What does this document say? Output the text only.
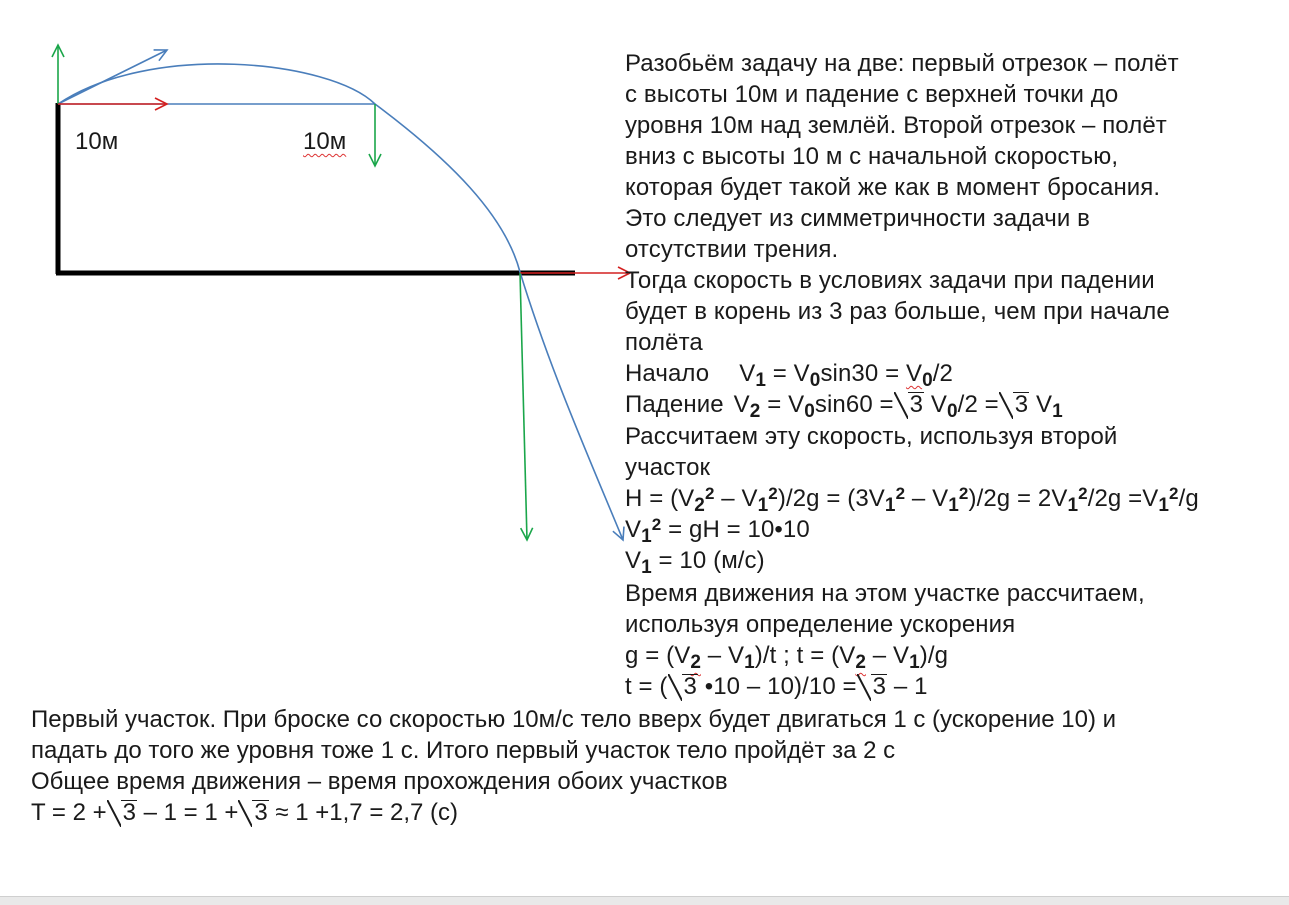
10м	10м
Разобьём задачу на две: первый отрезок – полёт
с высоты 10м и падение с верхней точки до
уровня 10м над землёй. Второй отрезок – полёт
вниз с высоты 10 м с начальной скоростью,
которая будет такой же как в момент бросания.
Это следует из симметричности задачи в
отсутствии трения.
Тогда скорость в условиях задачи при падении
будет в корень из 3 раз больше, чем при начале
полёта
Начало $V_1 = V_0\sin 30 = V_0/2$
Падение $V_2 = V_0\sin 60 = 3$ $V_0/2 = 3$ $V_1$
Рассчитаем эту скорость, используя второй
участок
$H = (V_2^2 - V_1^2)/2g = (3V_1^2 - V_1^2)/2g = 2V_1^2/2g =V_1^2/g$
$V_1^2$ = gH = 10•10
$V_1 = 10$ (м/с)
Время движения на этом участке рассчитаем,
используя определение ускорения
$g = (V_2 - V_1)/t$ ; $t = (V_2 - V_1)/g$
t = ( 3 •10 – 10)/10 = 3 – 1
Первый участок. При броске со скоростью 10м/с тело вверх будет двигаться 1 с (ускорение 10) и
падать до того же уровня тоже 1 с. Итого первый участок тело пройдёт за 2 с
Общее время движения – время прохождения обоих участков
T = 2 + 3 – 1 = 1 + 3 ≈ 1 +1,7 = 2,7 (с)
